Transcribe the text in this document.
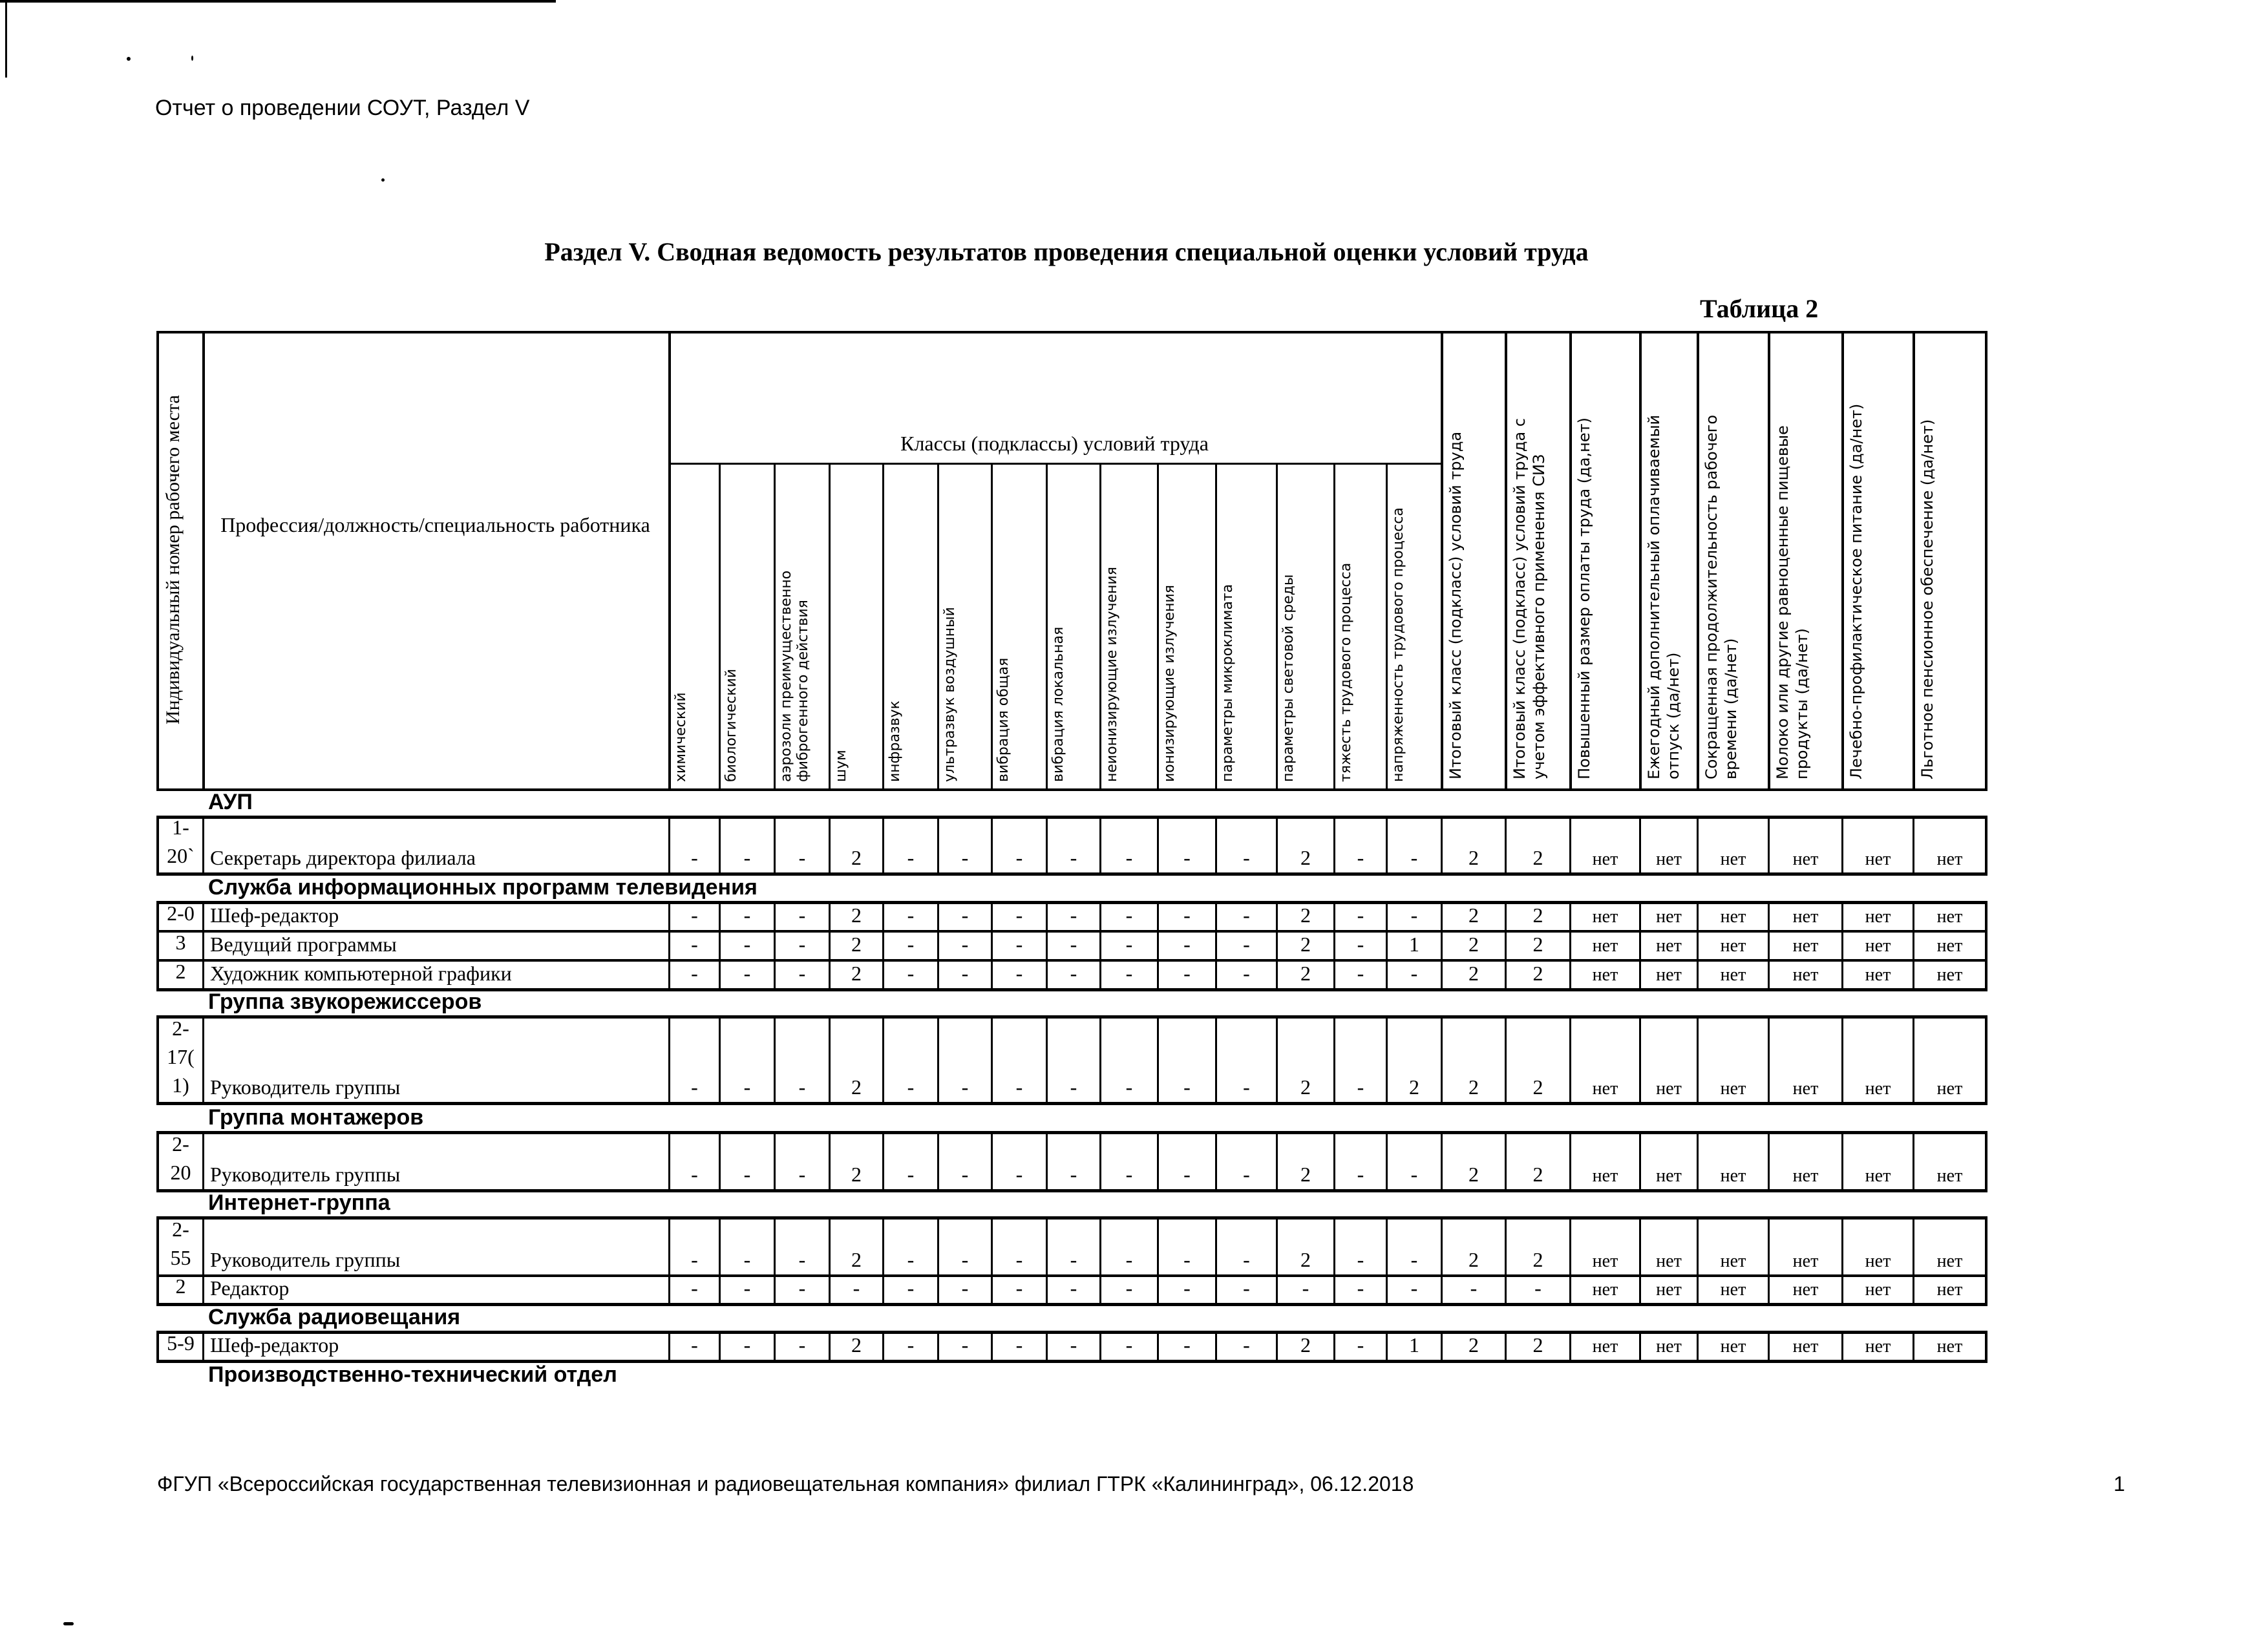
Отчет о проведении СОУТ, Раздел V
Раздел V. Сводная ведомость результатов проведения специальной оценки условий труда
Таблица 2
Индивидуальный номер рабочего места	Профессия/должность/специальность работника
Классы (подклассы) условий труда
химический	биологический	аэрозоли преимущественно фиброгенного действия	шум	инфразвук	ультразвук воздушный	вибрация общая	вибрация локальная	неионизирующие излучения	ионизирующие излучения	параметры микроклимата	параметры световой среды	тяжесть трудового процесса	напряженность трудового процесса	Итоговый класс (подкласс) условий труда	Итоговый класс (подкласс) условий труда с учетом эффективного применения СИЗ	Повышенный размер оплаты труда (да,нет)	Ежегодный дополнительный оплачиваемый отпуск (да/нет)	Сокращенная продолжительность рабочего времени (да/нет)	Молоко или другие равноценные пищевые продукты (да/нет)	Лечебно-профилактическое питание (да/нет)	Льготное пенсионное обеспечение (да/нет)
АУП
1-
20` Секретарь директора филиала	-	-	-	2	-	-	-	-	-	-	-	2	-	-	2	2	нет	нет	нет	нет	нет	нет
Служба информационных программ телевидения
2-0 Шеф-редактор	-	-	-	2	-	-	-	-	-	-	-	2	-	-	2	2	нет	нет	нет	нет	нет	нет
3 Ведущий программы	-	-	-	2	-	-	-	-	-	-	-	2	-	1	2	2	нет	нет	нет	нет	нет	нет
2 Художник компьютерной графики	-	-	-	2	-	-	-	-	-	-	-	2	-	-	2	2	нет	нет	нет	нет	нет	нет
Группа звукорежиссеров
2-
17(
1) Руководитель группы	-	-	-	2	-	-	-	-	-	-	-	2	-	2	2	2	нет	нет	нет	нет	нет	нет
Группа монтажеров
2-
20 Руководитель группы	-	-	-	2	-	-	-	-	-	-	-	2	-	-	2	2	нет	нет	нет	нет	нет	нет
Интернет-группа
2-
55 Руководитель группы	-	-	-	2	-	-	-	-	-	-	-	2	-	-	2	2	нет	нет	нет	нет	нет	нет
2 Редактор	-	-	-	-	-	-	-	-	-	-	-	-	-	-	-	-	нет	нет	нет	нет	нет	нет
Служба радиовещания
5-9 Шеф-редактор	-	-	-	2	-	-	-	-	-	-	-	2	-	1	2	2	нет	нет	нет	нет	нет	нет
Производственно-технический отдел
ФГУП «Всероссийская государственная телевизионная и радиовещательная компания» филиал ГТРК «Калининград», 06.12.2018	1
